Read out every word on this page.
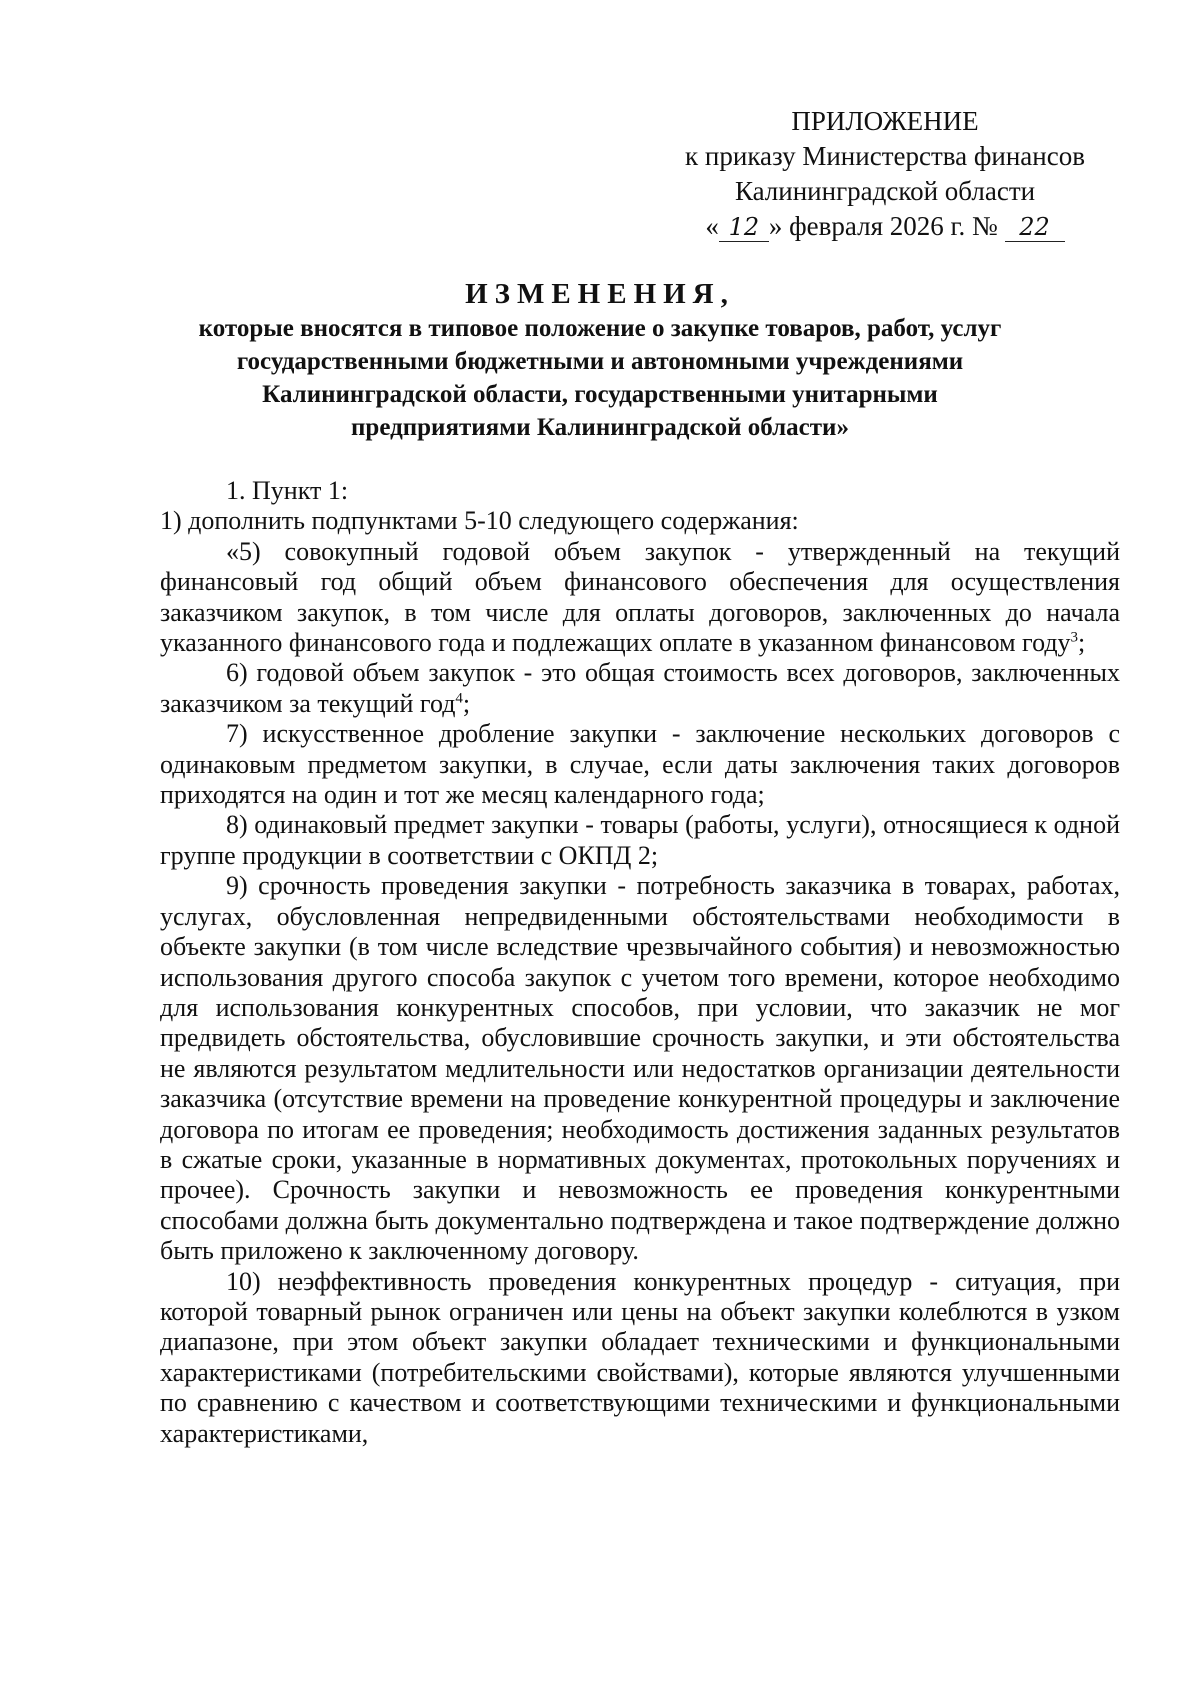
ПРИЛОЖЕНИЕ
к приказу Министерства финансов
Калининградской области
« 12 » февраля 2026 г. № 22
ИЗМЕНЕНИЯ,
которые вносятся в типовое положение о закупке товаров, работ, услуг
государственными бюджетными и автономными учреждениями
Калининградской области, государственными унитарными
предприятиями Калининградской области»

1. Пункт 1:

1) дополнить подпунктами 5-10 следующего содержания:

«5) совокупный годовой объем закупок - утвержденный на текущий финансовый год общий объем финансового обеспечения для осуществления заказчиком закупок, в том числе для оплаты договоров, заключенных до начала указанного финансового года и подлежащих оплате в указанном финансовом году$^3$;

6) годовой объем закупок - это общая стоимость всех договоров, заключенных заказчиком за текущий год$^4$;

7) искусственное дробление закупки - заключение нескольких договоров с одинаковым предметом закупки, в случае, если даты заключения таких договоров приходятся на один и тот же месяц календарного года;

8) одинаковый предмет закупки - товары (работы, услуги), относящиеся к одной группе продукции в соответствии с ОКПД 2;

9) срочность проведения закупки - потребность заказчика в товарах, работах, услугах, обусловленная непредвиденными обстоятельствами необходимости в объекте закупки (в том числе вследствие чрезвычайного события) и невозможностью использования другого способа закупок с учетом того времени, которое необходимо для использования конкурентных способов, при условии, что заказчик не мог предвидеть обстоятельства, обусловившие срочность закупки, и эти обстоятельства не являются результатом медлительности или недостатков организации деятельности заказчика (отсутствие времени на проведение конкурентной процедуры и заключение договора по итогам ее проведения; необходимость достижения заданных результатов в сжатые сроки, указанные в нормативных документах, протокольных поручениях и прочее). Срочность закупки и невозможность ее проведения конкурентными способами должна быть документально подтверждена и такое подтверждение должно быть приложено к заключенному договору.

10) неэффективность проведения конкурентных процедур - ситуация, при которой товарный рынок ограничен или цены на объект закупки колеблются в узком диапазоне, при этом объект закупки обладает техническими и функциональными характеристиками (потребительскими свойствами), которые являются улучшенными по сравнению с качеством и соответствующими техническими и функциональными характеристиками,
